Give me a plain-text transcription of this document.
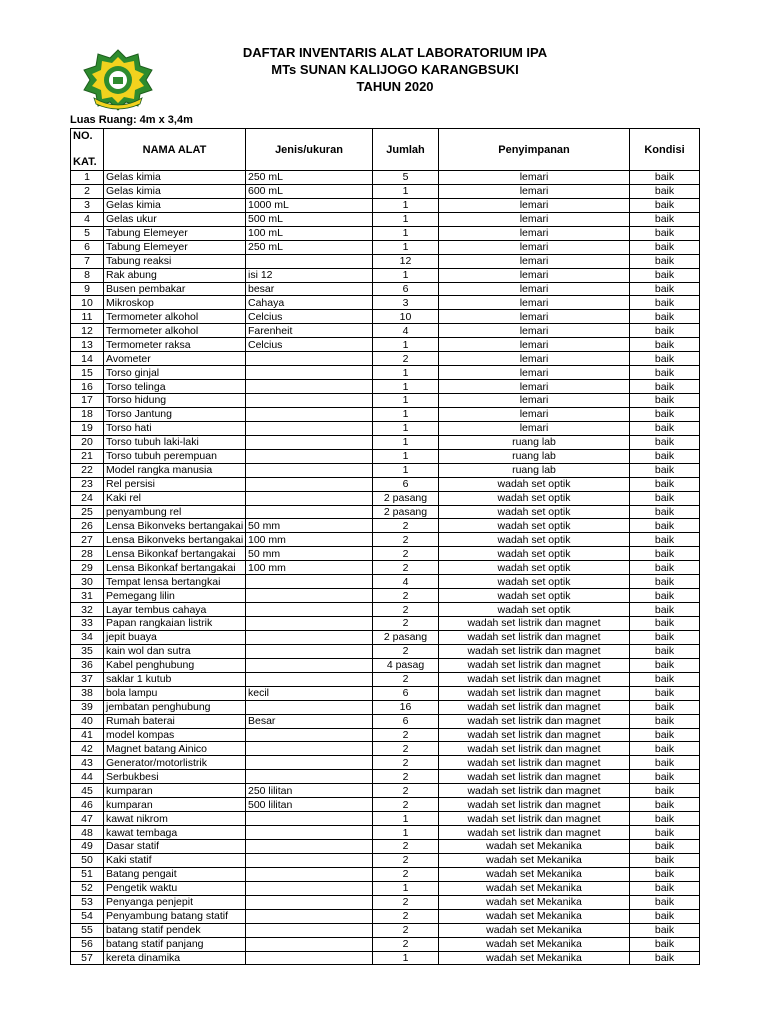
DAFTAR INVENTARIS ALAT LABORATORIUM IPA
MTs SUNAN KALIJOGO KARANGBSUKI
TAHUN 2020
Luas Ruang: 4m x 3,4m
NO.
KAT.	NAMA ALAT	Jenis/ukuran	Jumlah	Penyimpanan	Kondisi
1	Gelas kimia	250 mL	5	lemari	baik
2	Gelas kimia	600 mL	1	lemari	baik
3	Gelas kimia	1000 mL	1	lemari	baik
4	Gelas ukur	500 mL	1	lemari	baik
5	Tabung Elemeyer	100 mL	1	lemari	baik
6	Tabung Elemeyer	250 mL	1	lemari	baik
7	Tabung reaksi		12	lemari	baik
8	Rak abung	isi 12	1	lemari	baik
9	Busen pembakar	besar	6	lemari	baik
10	Mikroskop	Cahaya	3	lemari	baik
11	Termometer alkohol	Celcius	10	lemari	baik
12	Termometer alkohol	Farenheit	4	lemari	baik
13	Termometer raksa	Celcius	1	lemari	baik
14	Avometer		2	lemari	baik
15	Torso ginjal		1	lemari	baik
16	Torso telinga		1	lemari	baik
17	Torso hidung		1	lemari	baik
18	Torso Jantung		1	lemari	baik
19	Torso hati		1	lemari	baik
20	Torso tubuh laki-laki		1	ruang lab	baik
21	Torso tubuh perempuan		1	ruang lab	baik
22	Model rangka manusia		1	ruang lab	baik
23	Rel persisi		6	wadah set optik	baik
24	Kaki rel		2 pasang	wadah set optik	baik
25	penyambung rel		2 pasang	wadah set optik	baik
26	Lensa Bikonveks bertangakai	50 mm	2	wadah set optik	baik
27	Lensa Bikonveks bertangakai	100 mm	2	wadah set optik	baik
28	Lensa Bikonkaf bertangakai	50 mm	2	wadah set optik	baik
29	Lensa Bikonkaf bertangakai	100 mm	2	wadah set optik	baik
30	Tempat lensa bertangkai		4	wadah set optik	baik
31	Pemegang lilin		2	wadah set optik	baik
32	Layar tembus cahaya		2	wadah set optik	baik
33	Papan rangkaian listrik		2	wadah set listrik dan magnet	baik
34	jepit buaya		2 pasang	wadah set listrik dan magnet	baik
35	kain wol dan sutra		2	wadah set listrik dan magnet	baik
36	Kabel penghubung		4 pasag	wadah set listrik dan magnet	baik
37	saklar 1 kutub		2	wadah set listrik dan magnet	baik
38	bola lampu	kecil	6	wadah set listrik dan magnet	baik
39	jembatan penghubung		16	wadah set listrik dan magnet	baik
40	Rumah baterai	Besar	6	wadah set listrik dan magnet	baik
41	model kompas		2	wadah set listrik dan magnet	baik
42	Magnet batang Ainico		2	wadah set listrik dan magnet	baik
43	Generator/motorlistrik		2	wadah set listrik dan magnet	baik
44	Serbukbesi		2	wadah set listrik dan magnet	baik
45	kumparan	250 lilitan	2	wadah set listrik dan magnet	baik
46	kumparan	500 lilitan	2	wadah set listrik dan magnet	baik
47	kawat nikrom		1	wadah set listrik dan magnet	baik
48	kawat tembaga		1	wadah set listrik dan magnet	baik
49	Dasar statif		2	wadah set Mekanika	baik
50	Kaki statif		2	wadah set Mekanika	baik
51	Batang pengait		2	wadah set Mekanika	baik
52	Pengetik waktu		1	wadah set Mekanika	baik
53	Penyanga penjepit		2	wadah set Mekanika	baik
54	Penyambung batang statif		2	wadah set Mekanika	baik
55	batang statif pendek		2	wadah set Mekanika	baik
56	batang statif panjang		2	wadah set Mekanika	baik
57	kereta dinamika		1	wadah set Mekanika	baik
